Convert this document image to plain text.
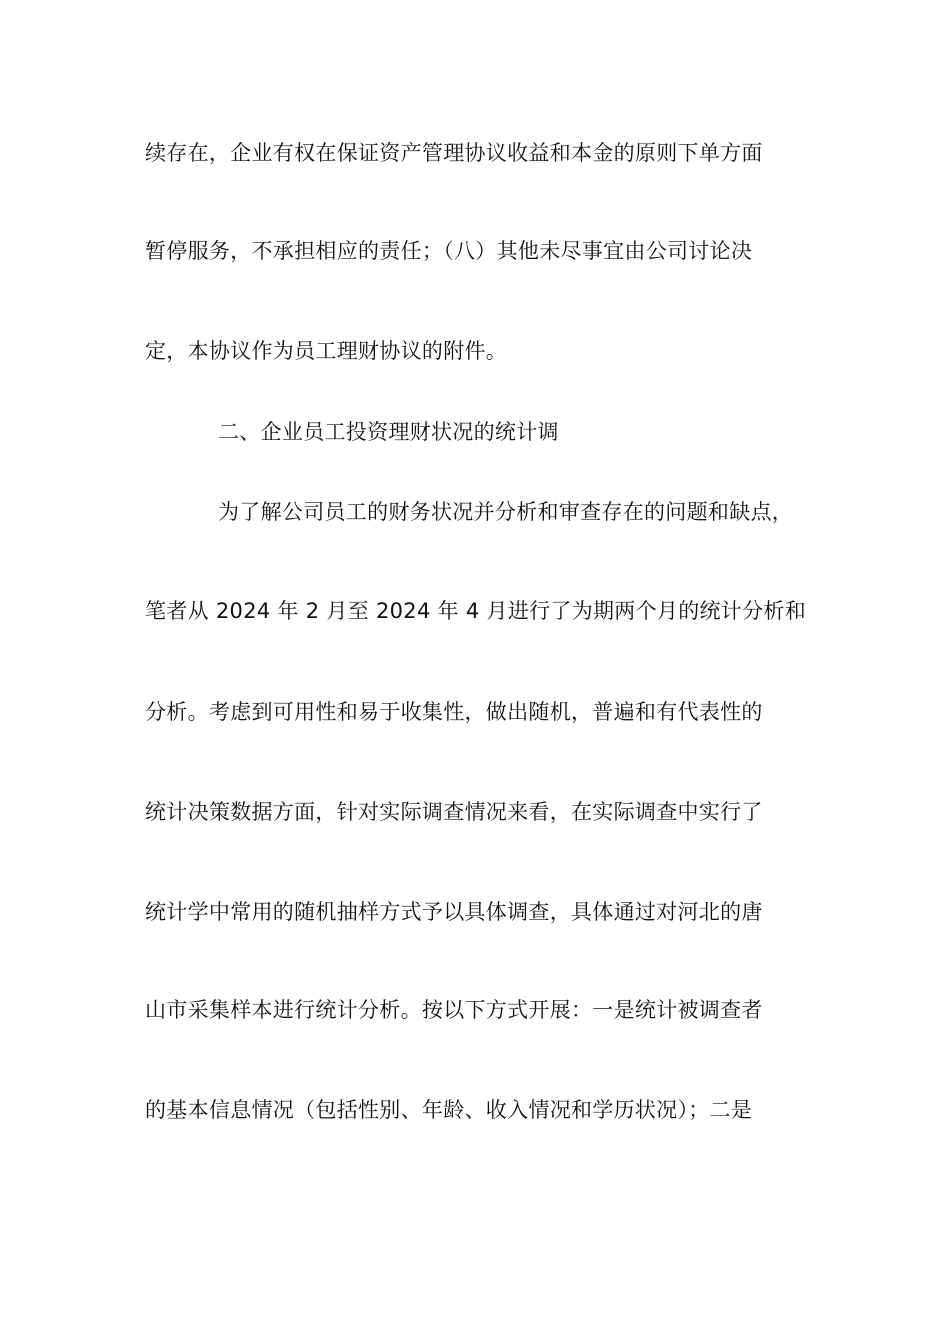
续存在，企业有权在保证资产管理协议收益和本金的原则下单方面
暂停服务，不承担相应的责任；（八）其他未尽事宜由公司讨论决
定，本协议作为员工理财协议的附件。
二、企业员工投资理财状况的统计调
为了解公司员工的财务状况并分析和审查存在的问题和缺点，
笔者从 2024 年 2 月至 2024 年 4 月进行了为期两个月的统计分析和
分析。考虑到可用性和易于收集性，做出随机，普遍和有代表性的
统计决策数据方面，针对实际调查情况来看，在实际调查中实行了
统计学中常用的随机抽样方式予以具体调查，具体通过对河北的唐
山市采集样本进行统计分析。按以下方式开展：一是统计被调查者
的基本信息情况（包括性别、年龄、收入情况和学历状况）；二是
